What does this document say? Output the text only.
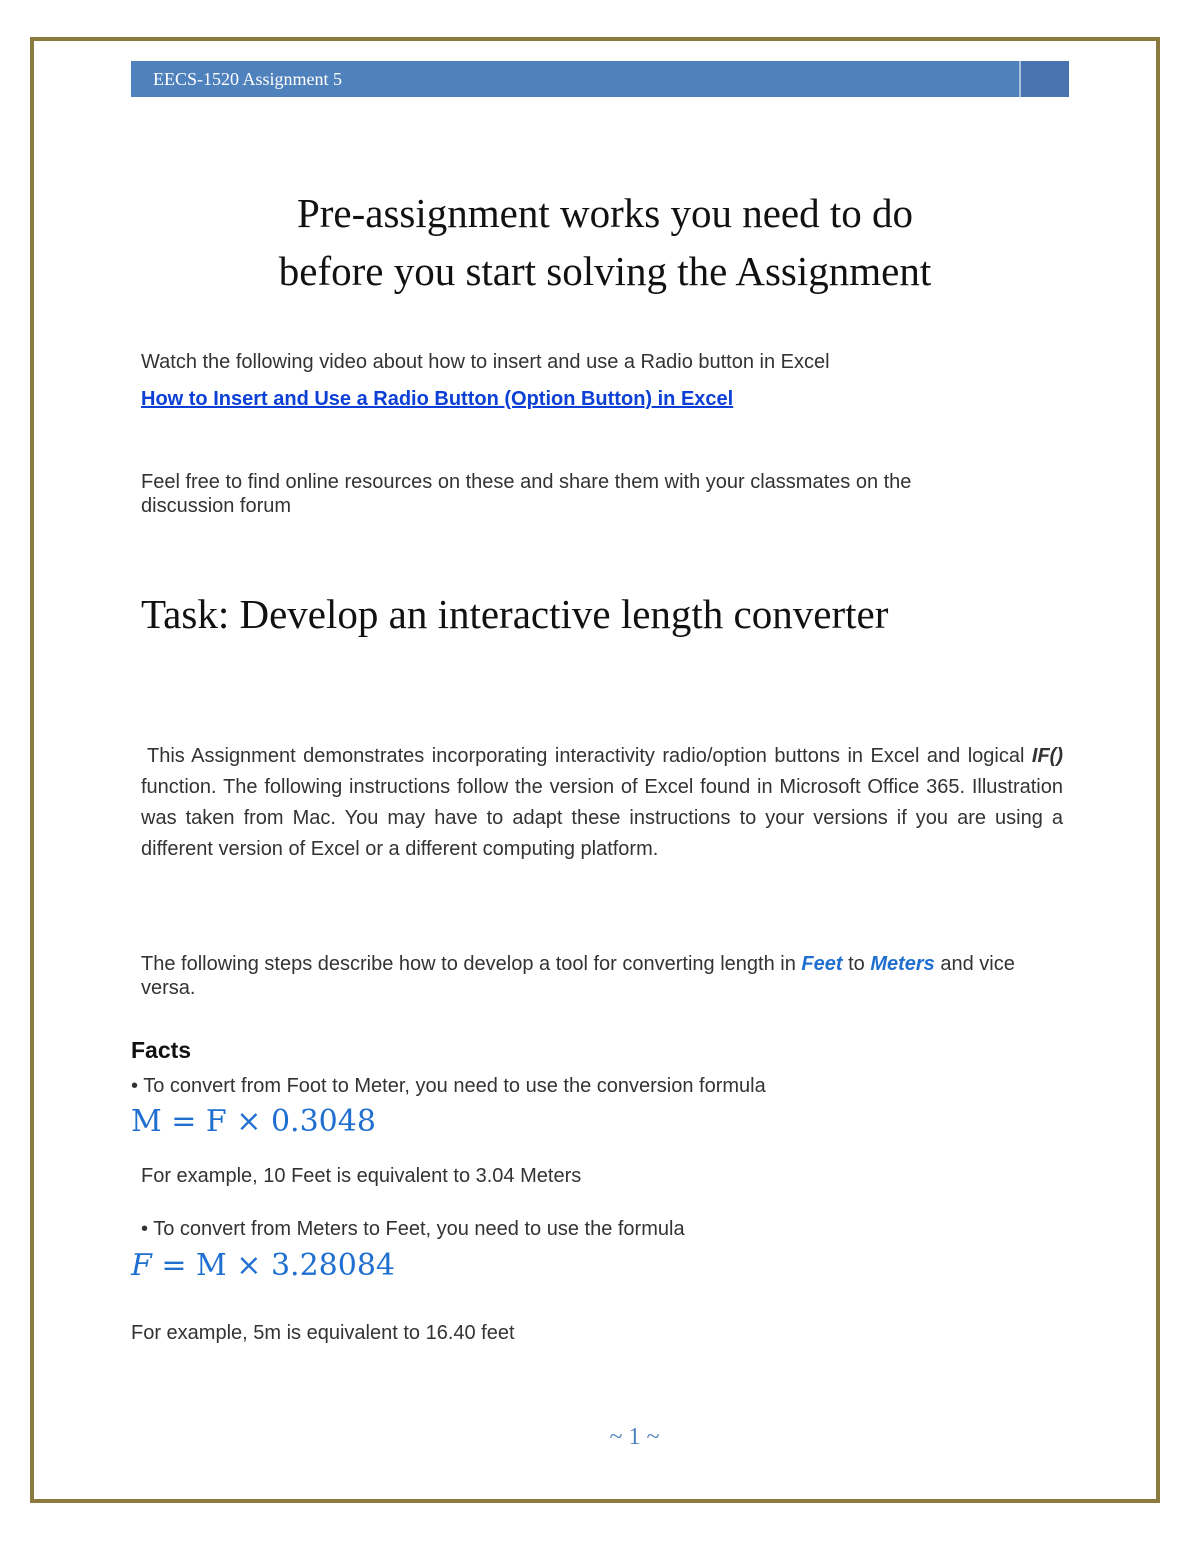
EECS-1520 Assignment 5
Pre-assignment works you need to do
before you start solving the Assignment
Watch the following video about how to insert and use a Radio button in Excel
How to Insert and Use a Radio Button (Option Button) in Excel
Feel free to find online resources on these and share them with your classmates on the discussion forum
Task: Develop an interactive length converter
This Assignment demonstrates incorporating interactivity radio/option buttons in Excel and logical IF() function. The following instructions follow the version of Excel found in Microsoft Office 365. Illustration was taken from Mac. You may have to adapt these instructions to your versions if you are using a different version of Excel or a different computing platform.
The following steps describe how to develop a tool for converting length in Feet to Meters and vice versa.
Facts
• To convert from Foot to Meter, you need to use the conversion formula
M = F × 0.3048
For example, 10 Feet is equivalent to 3.04 Meters
• To convert from Meters to Feet, you need to use the formula
F = M × 3.28084
For example, 5m is equivalent to 16.40 feet
~ 1 ~
